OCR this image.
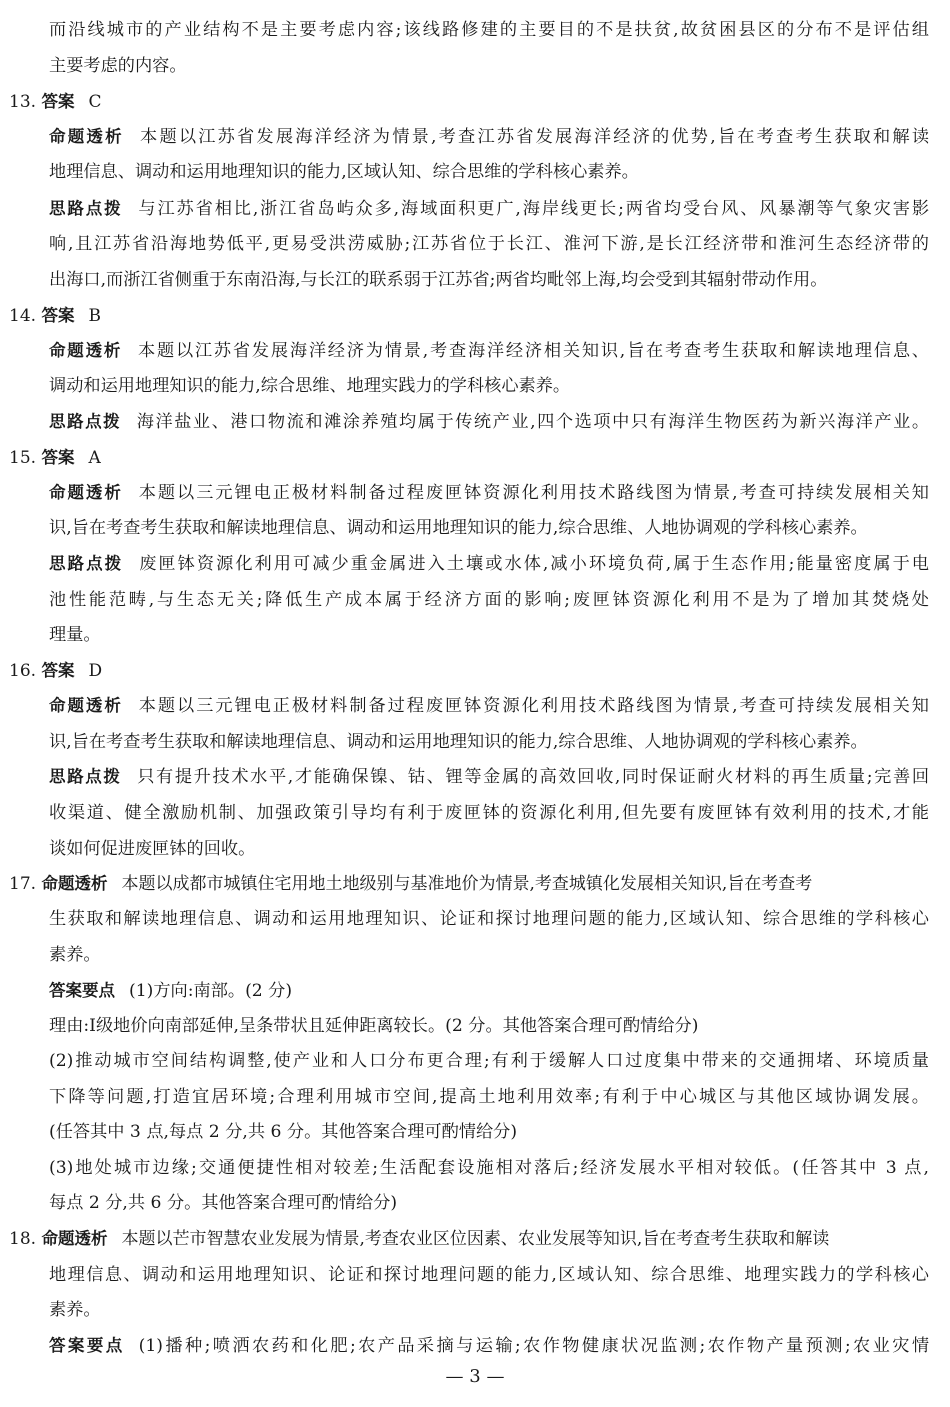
而沿线城市的产业结构不是主要考虑内容;该线路修建的主要目的不是扶贫,故贫困县区的分布不是评估组
主要考虑的内容。
13. 答案 C
命题透析 本题以江苏省发展海洋经济为情景,考查江苏省发展海洋经济的优势,旨在考查考生获取和解读
地理信息、调动和运用地理知识的能力,区域认知、综合思维的学科核心素养。
思路点拨 与江苏省相比,浙江省岛屿众多,海域面积更广,海岸线更长;两省均受台风、风暴潮等气象灾害影
响,且江苏省沿海地势低平,更易受洪涝威胁;江苏省位于长江、淮河下游,是长江经济带和淮河生态经济带的
出海口,而浙江省侧重于东南沿海,与长江的联系弱于江苏省;两省均毗邻上海,均会受到其辐射带动作用。
14. 答案 B
命题透析 本题以江苏省发展海洋经济为情景,考查海洋经济相关知识,旨在考查考生获取和解读地理信息、
调动和运用地理知识的能力,综合思维、地理实践力的学科核心素养。
思路点拨 海洋盐业、港口物流和滩涂养殖均属于传统产业,四个选项中只有海洋生物医药为新兴海洋产业。
15. 答案 A
命题透析 本题以三元锂电正极材料制备过程废匣钵资源化利用技术路线图为情景,考查可持续发展相关知
识,旨在考查考生获取和解读地理信息、调动和运用地理知识的能力,综合思维、人地协调观的学科核心素养。
思路点拨 废匣钵资源化利用可减少重金属进入土壤或水体,减小环境负荷,属于生态作用;能量密度属于电
池性能范畴,与生态无关;降低生产成本属于经济方面的影响;废匣钵资源化利用不是为了增加其焚烧处
理量。
16. 答案 D
命题透析 本题以三元锂电正极材料制备过程废匣钵资源化利用技术路线图为情景,考查可持续发展相关知
识,旨在考查考生获取和解读地理信息、调动和运用地理知识的能力,综合思维、人地协调观的学科核心素养。
思路点拨 只有提升技术水平,才能确保镍、钴、锂等金属的高效回收,同时保证耐火材料的再生质量;完善回
收渠道、健全激励机制、加强政策引导均有利于废匣钵的资源化利用,但先要有废匣钵有效利用的技术,才能
谈如何促进废匣钵的回收。
17. 命题透析 本题以成都市城镇住宅用地土地级别与基准地价为情景,考查城镇化发展相关知识,旨在考查考
生获取和解读地理信息、调动和运用地理知识、论证和探讨地理问题的能力,区域认知、综合思维的学科核心
素养。
答案要点 (1)方向:南部。(2 分)
理由:Ⅰ级地价向南部延伸,呈条带状且延伸距离较长。(2 分。其他答案合理可酌情给分)
(2)推动城市空间结构调整,使产业和人口分布更合理;有利于缓解人口过度集中带来的交通拥堵、环境质量
下降等问题,打造宜居环境;合理利用城市空间,提高土地利用效率;有利于中心城区与其他区域协调发展。
(任答其中 3 点,每点 2 分,共 6 分。其他答案合理可酌情给分)
(3)地处城市边缘;交通便捷性相对较差;生活配套设施相对落后;经济发展水平相对较低。(任答其中 3 点,
每点 2 分,共 6 分。其他答案合理可酌情给分)
18. 命题透析 本题以芒市智慧农业发展为情景,考查农业区位因素、农业发展等知识,旨在考查考生获取和解读
地理信息、调动和运用地理知识、论证和探讨地理问题的能力,区域认知、综合思维、地理实践力的学科核心
素养。
答案要点 (1)播种;喷洒农药和化肥;农产品采摘与运输;农作物健康状况监测;农作物产量预测;农业灾情
— 3 —
